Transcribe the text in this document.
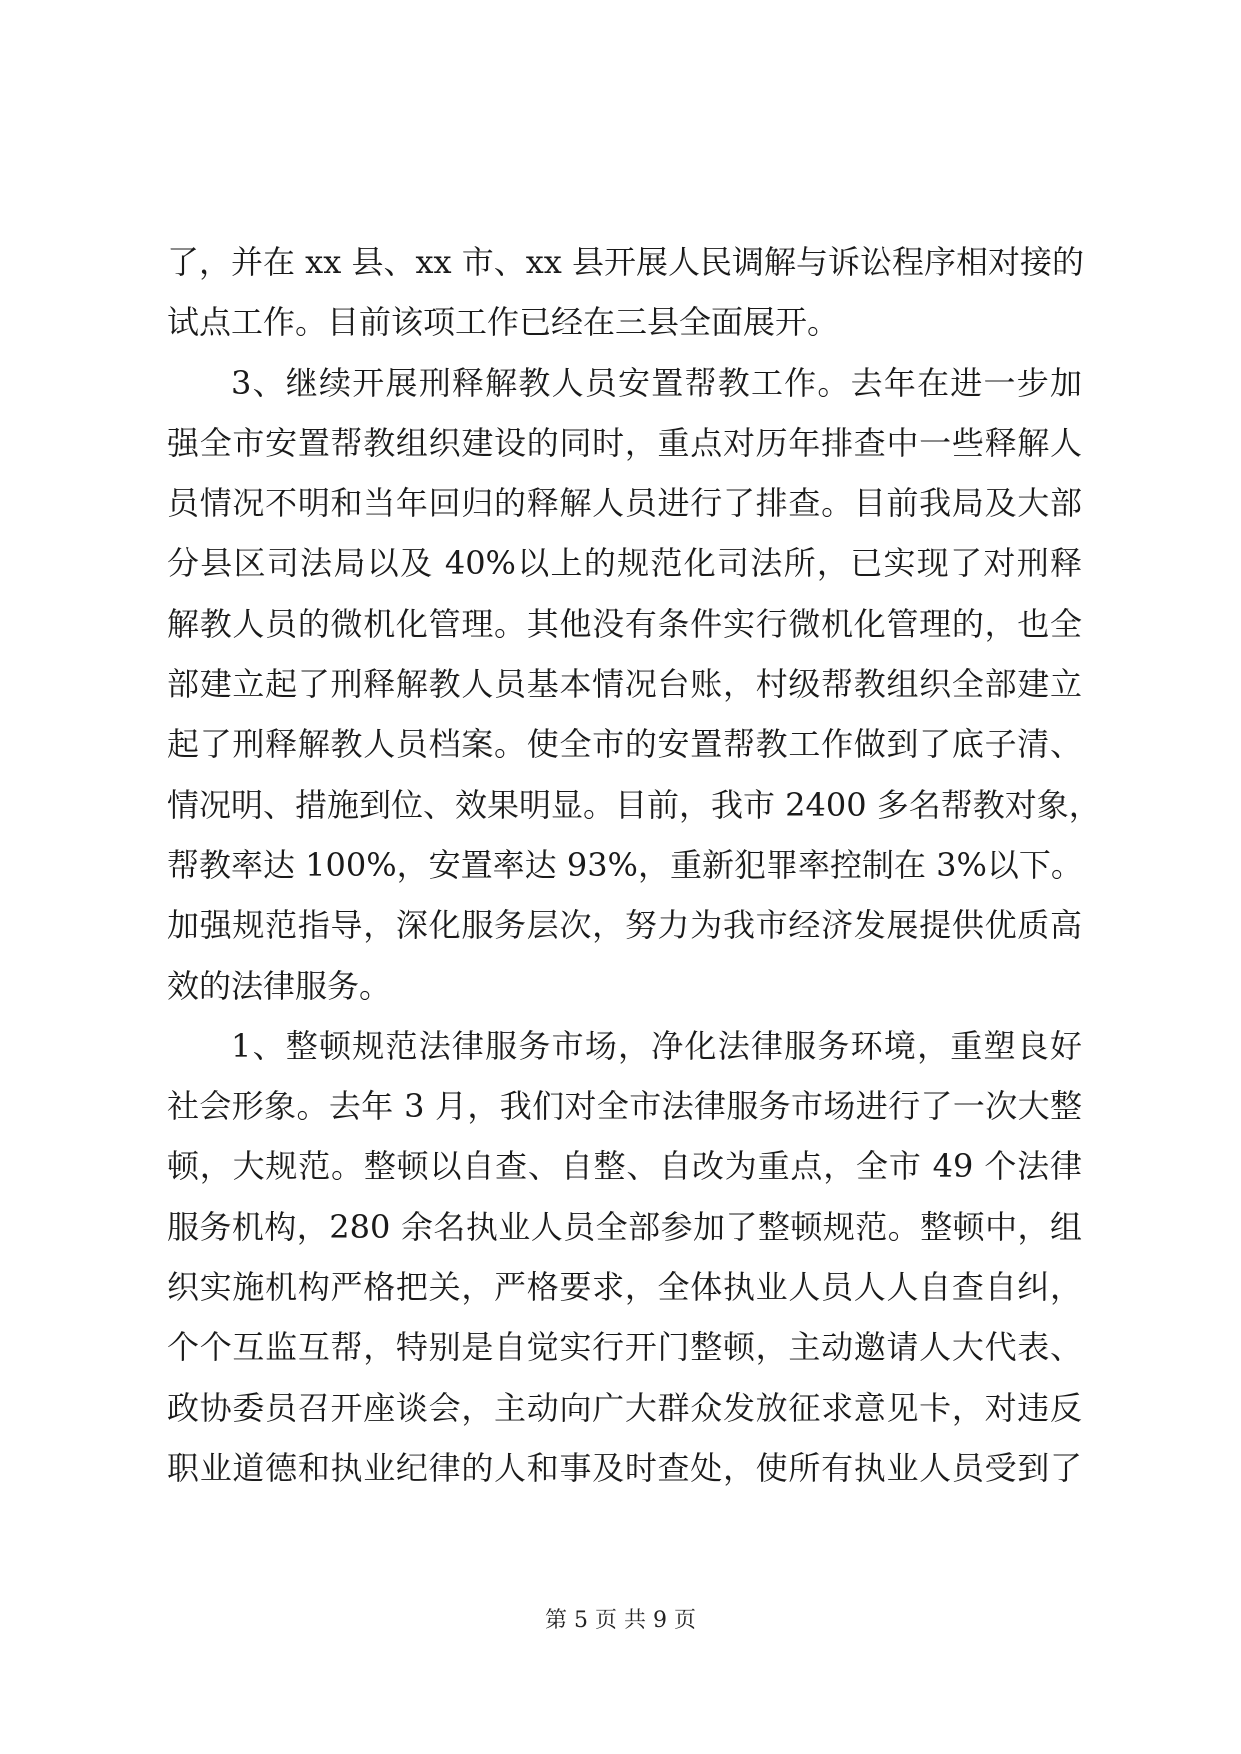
了，并在 xx 县、xx 市、xx 县开展人民调解与诉讼程序相对接的
试点工作。目前该项工作已经在三县全面展开。
3、继续开展刑释解教人员安置帮教工作。去年在进一步加
强全市安置帮教组织建设的同时，重点对历年排查中一些释解人
员情况不明和当年回归的释解人员进行了排查。目前我局及大部
分县区司法局以及 40%以上的规范化司法所，已实现了对刑释
解教人员的微机化管理。其他没有条件实行微机化管理的，也全
部建立起了刑释解教人员基本情况台账，村级帮教组织全部建立
起了刑释解教人员档案。使全市的安置帮教工作做到了底子清、
情况明、措施到位、效果明显。目前，我市 2400 多名帮教对象，
帮教率达 100%，安置率达 93%，重新犯罪率控制在 3%以下。
加强规范指导，深化服务层次，努力为我市经济发展提供优质高
效的法律服务。
1、整顿规范法律服务市场，净化法律服务环境，重塑良好
社会形象。去年 3 月，我们对全市法律服务市场进行了一次大整
顿，大规范。整顿以自查、自整、自改为重点，全市 49 个法律
服务机构，280 余名执业人员全部参加了整顿规范。整顿中，组
织实施机构严格把关，严格要求，全体执业人员人人自查自纠，
个个互监互帮，特别是自觉实行开门整顿，主动邀请人大代表、
政协委员召开座谈会，主动向广大群众发放征求意见卡，对违反
职业道德和执业纪律的人和事及时查处，使所有执业人员受到了
第 5 页 共 9 页
